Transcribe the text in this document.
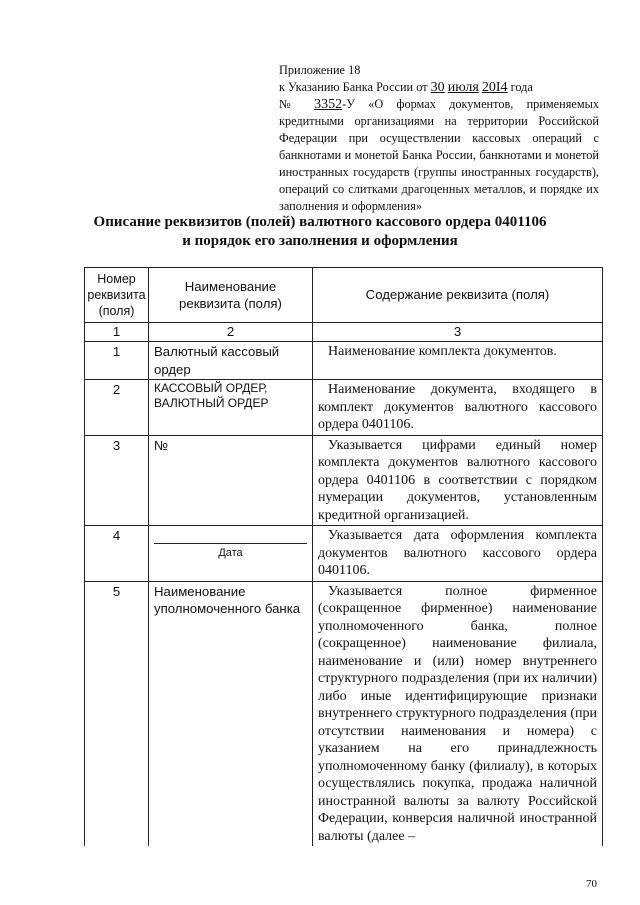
Приложение 18
к Указанию Банка России от 30 июля 20I4 года
№ 3352-У «О формах документов, применяемых кредитными организациями на территории Российской Федерации при осуществлении кассовых операций с банкнотами и монетой Банка России, банкнотами и монетой иностранных государств (группы иностранных государств), операций со слитками драгоценных металлов, и порядке их заполнения и оформления»
Описание реквизитов (полей) валютного кассового ордера 0401106
и порядок его заполнения и оформления
Номер реквизита (поля)	Наименование реквизита (поля)	Содержание реквизита (поля)
1	2	3
1	Валютный кассовый ордер	Наименование комплекта документов.
2	КАССОВЫЙ ОРДЕР, ВАЛЮТНЫЙ ОРДЕР	Наименование документа, входящего в комплект документов валютного кассового ордера 0401106.
3	№	Указывается цифрами единый номер комплекта документов валютного кассового ордера 0401106 в соответствии с порядком нумерации документов, установленным кредитной организацией.
4	Дата	Указывается дата оформления комплекта документов валютного кассового ордера 0401106.
5	Наименование уполномоченного банка	Указывается полное фирменное (сокращенное фирменное) наименование уполномоченного банка, полное (сокращенное) наименование филиала, наименование и (или) номер внутреннего структурного подразделения (при их наличии) либо иные идентифицирующие признаки внутреннего структурного подразделения (при отсутствии наименования и номера) с указанием на его принадлежность уполномоченному банку (филиалу), в которых осуществлялись покупка, продажа наличной иностранной валюты за валюту Российской Федерации, конверсия наличной иностранной валюты (далее –
70
